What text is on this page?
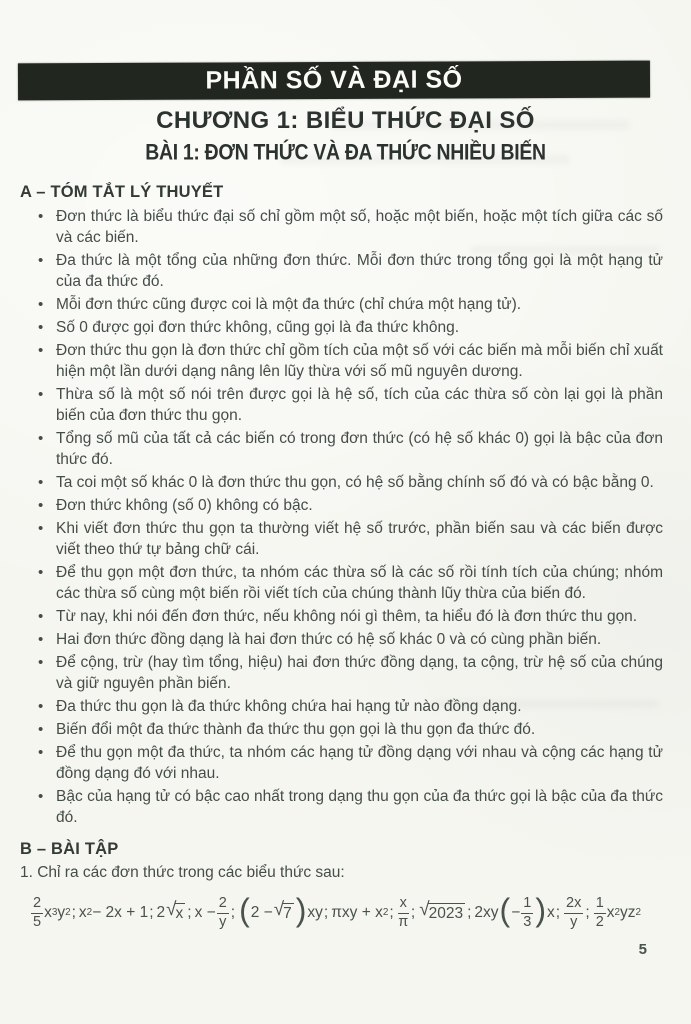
PHẦN SỐ VÀ ĐẠI SỐ
CHƯƠNG 1: BIỂU THỨC ĐẠI SỐ
BÀI 1: ĐƠN THỨC VÀ ĐA THỨC NHIỀU BIẾN
A – TÓM TẮT LÝ THUYẾT
• Đơn thức là biểu thức đại số chỉ gồm một số, hoặc một biến, hoặc một tích giữa các số và các biến.
• Đa thức là một tổng của những đơn thức. Mỗi đơn thức trong tổng gọi là một hạng tử của đa thức đó.
• Mỗi đơn thức cũng được coi là một đa thức (chỉ chứa một hạng tử).
• Số 0 được gọi đơn thức không, cũng gọi là đa thức không.
• Đơn thức thu gọn là đơn thức chỉ gồm tích của một số với các biến mà mỗi biến chỉ xuất hiện một lần dưới dạng nâng lên lũy thừa với số mũ nguyên dương.
• Thừa số là một số nói trên được gọi là hệ số, tích của các thừa số còn lại gọi là phần biến của đơn thức thu gọn.
• Tổng số mũ của tất cả các biến có trong đơn thức (có hệ số khác 0) gọi là bậc của đơn thức đó.
• Ta coi một số khác 0 là đơn thức thu gọn, có hệ số bằng chính số đó và có bậc bằng 0.
• Đơn thức không (số 0) không có bậc.
• Khi viết đơn thức thu gọn ta thường viết hệ số trước, phần biến sau và các biến được viết theo thứ tự bảng chữ cái.
• Để thu gọn một đơn thức, ta nhóm các thừa số là các số rồi tính tích của chúng; nhóm các thừa số cùng một biến rồi viết tích của chúng thành lũy thừa của biến đó.
• Từ nay, khi nói đến đơn thức, nếu không nói gì thêm, ta hiểu đó là đơn thức thu gọn.
• Hai đơn thức đồng dạng là hai đơn thức có hệ số khác 0 và có cùng phần biến.
• Để cộng, trừ (hay tìm tổng, hiệu) hai đơn thức đồng dạng, ta cộng, trừ hệ số của chúng và giữ nguyên phần biến.
• Đa thức thu gọn là đa thức không chứa hai hạng tử nào đồng dạng.
• Biến đổi một đa thức thành đa thức thu gọn gọi là thu gọn đa thức đó.
• Để thu gọn một đa thức, ta nhóm các hạng tử đồng dạng với nhau và cộng các hạng tử đồng dạng đó với nhau.
• Bậc của hạng tử có bậc cao nhất trong dạng thu gọn của đa thức gọi là bậc của đa thức đó.
B – BÀI TẬP
1. Chỉ ra các đơn thức trong các biểu thức sau:
$\frac{2}{5}$ x 3 y 2 ; x 2 − 2x + 1 ; 2 √ x ; $x - \frac{2}{y}$ ; ( 2 − √ 7 ) xy ; πxy + x 2 ; $\frac{x}{\pi}$ ; √ 2023 ; 2xy ( − $\frac{1}{3}$ ) x ; $\frac{2x}{y}$ ; $\frac{1}{2}$ x 2 yz 2
5
